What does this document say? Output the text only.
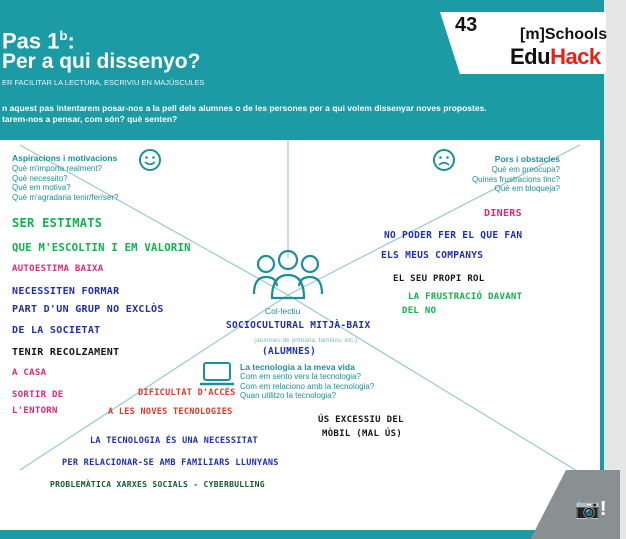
Pas 1$^b$:
Per a qui dissenyo?
ER FACILITAR LA LECTURA, ESCRIVIU EN MAJÚSCULES
n aquest pas intentarem posar-nos a la pell dels alumnes o de les persones per a qui volem dissenyar noves propostes.
tarem-nos a pensar, com són? què senten?
43	[m]Schools
EduHack
Aspiracions i motivacions
Què m'importa realment?
Què necessito?
Què em motiva?
Què m'agradaria tenir/fer/ser?
SER ESTIMATS
QUE M'ESCOLTIN I EM VALORIN
AUTOESTIMA BAIXA
NECESSITEN FORMAR
PART D'UN GRUP NO EXCLÒS
DE LA SOCIETAT
TENIR RECOLZAMENT
A CASA
SORTIR DE
L'ENTORN
Pors i obstacles
Què em preocupa?
Quines frustracions tinc?
Què em bloqueja?
DINERS
NO PODER FER EL QUE FAN
ELS MEUS COMPANYS
EL SEU PROPI ROL
LA FRUSTRACIÓ DAVANT
DEL NO
Col·lectiu
SOCIOCULTURAL MITJÀ-BAIX
(alumnes de primària, famílies, etc.)
(ALUMNES)
La tecnologia a la meva vida
Com em sento vers la tecnologia?
Com em relaciono amb la tecnologia?
Quan utilitzo la tecnologia?
DIFICULTAT D'ACCÉS
A LES NOVES TECNOLOGIES
ÚS EXCESSIU DEL
MÒBIL (MAL ÚS)
LA TECNOLOGIA ÉS UNA NECESSITAT
PER RELACIONAR-SE AMB FAMILIARS LLUNYANS
PROBLEMÀTICA XARXES SOCIALS - CYBERBULLING
📷!
